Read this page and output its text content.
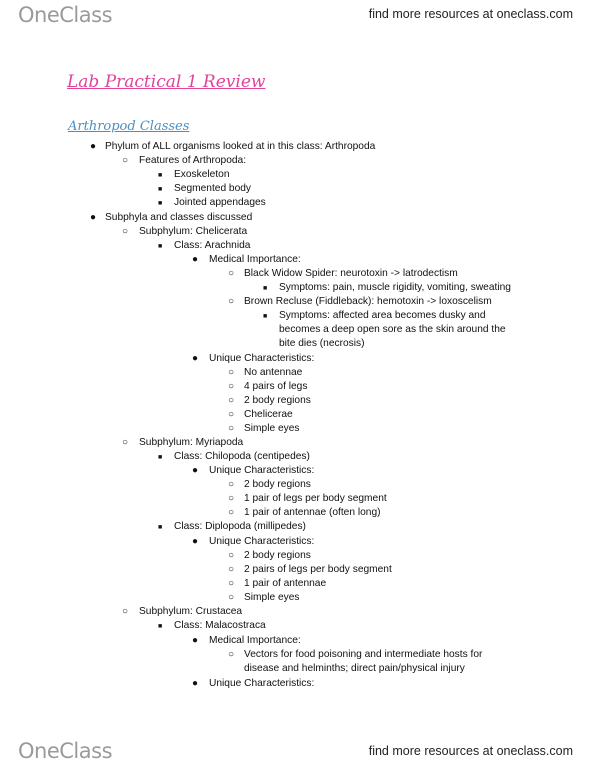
OneClass	find more resources at oneclass.com
Lab Practical 1 Review
Arthropod Classes
● Phylum of ALL organisms looked at in this class: Arthropoda
○ Features of Arthropoda:
■ Exoskeleton
■ Segmented body
■ Jointed appendages
● Subphyla and classes discussed
○ Subphylum: Chelicerata
■ Class: Arachnida
● Medical Importance:
○ Black Widow Spider: neurotoxin -> latrodectism
■ Symptoms: pain, muscle rigidity, vomiting, sweating
○ Brown Recluse (Fiddleback): hemotoxin -> loxoscelism
■ Symptoms: affected area becomes dusky and
becomes a deep open sore as the skin around the
bite dies (necrosis)
● Unique Characteristics:
○ No antennae
○ 4 pairs of legs
○ 2 body regions
○ Chelicerae
○ Simple eyes
○ Subphylum: Myriapoda
■ Class: Chilopoda (centipedes)
● Unique Characteristics:
○ 2 body regions
○ 1 pair of legs per body segment
○ 1 pair of antennae (often long)
■ Class: Diplopoda (millipedes)
● Unique Characteristics:
○ 2 body regions
○ 2 pairs of legs per body segment
○ 1 pair of antennae
○ Simple eyes
○ Subphylum: Crustacea
■ Class: Malacostraca
● Medical Importance:
○ Vectors for food poisoning and intermediate hosts for
disease and helminths; direct pain/physical injury
● Unique Characteristics:
OneClass	find more resources at oneclass.com
